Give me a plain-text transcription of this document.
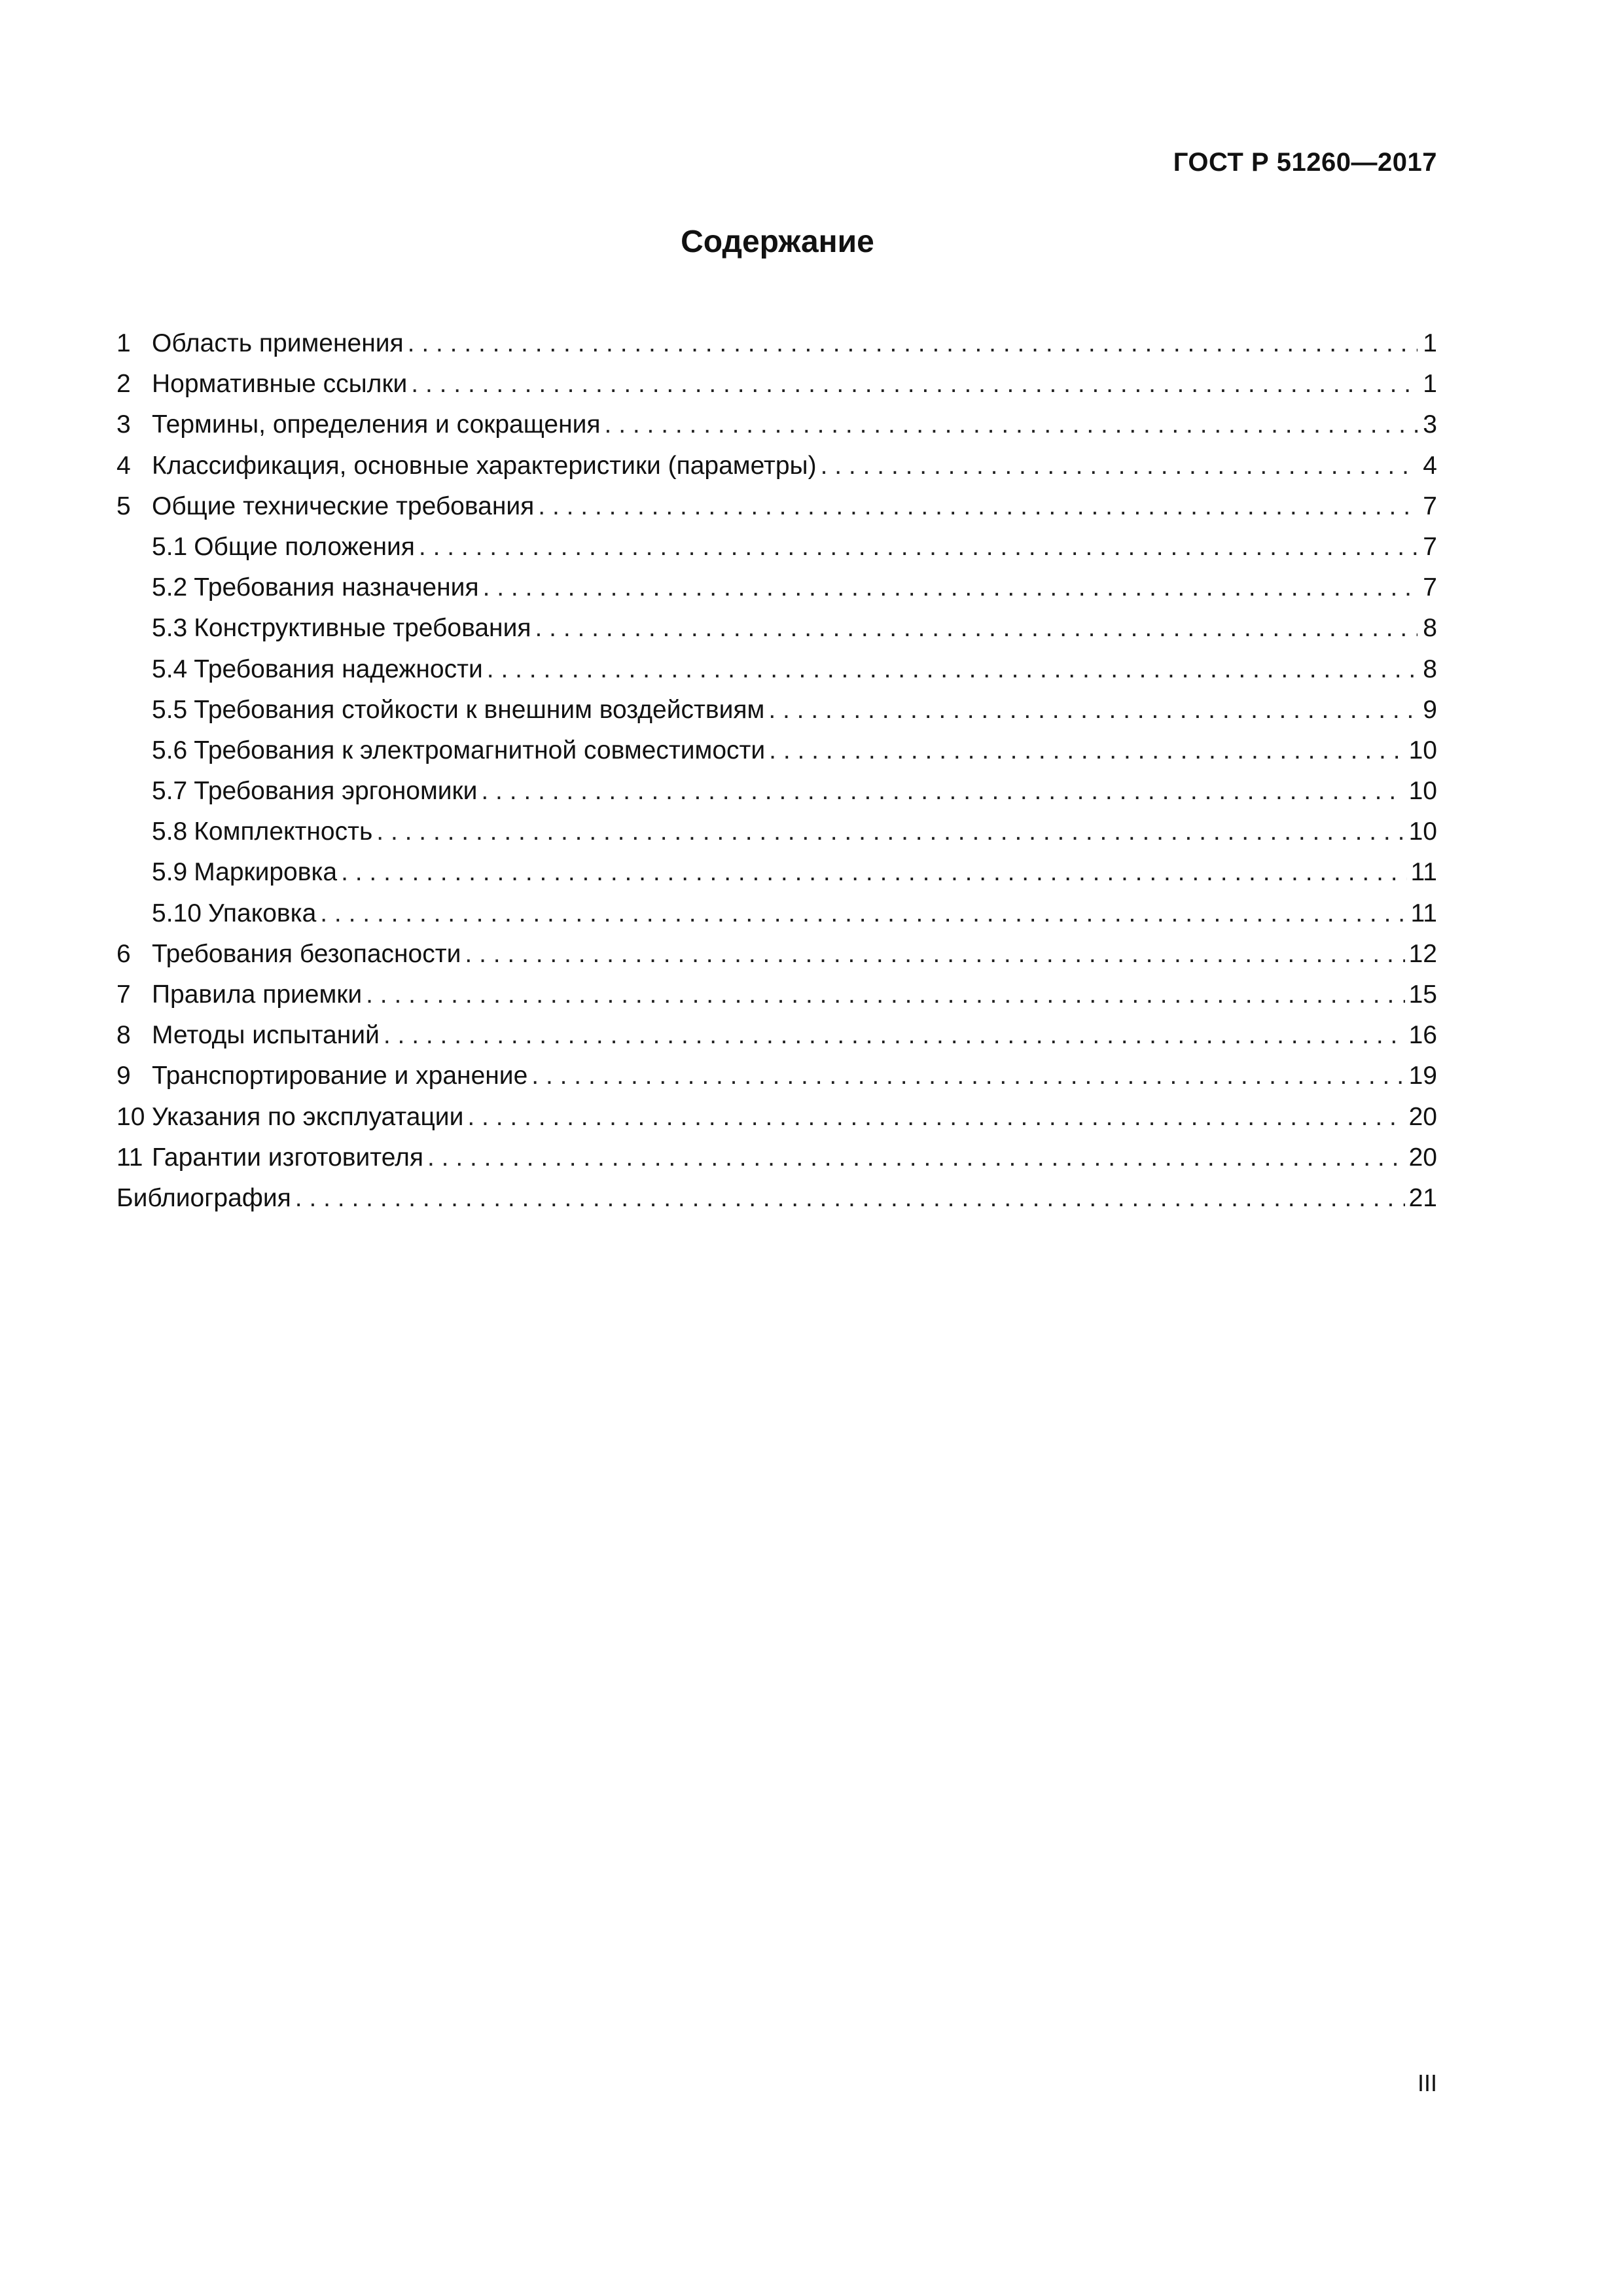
ГОСТ Р 51260—2017
Содержание
1 Область применения . . .	1
2 Нормативные ссылки . . .	1
3 Термины, определения и сокращения . . .	3
4 Классификация, основные характеристики (параметры) . . .	4
5 Общие технические требования . . .	7
5.1 Общие положения . . .	7
5.2 Требования назначения . . .	7
5.3 Конструктивные требования . . .	8
5.4 Требования надежности . . .	8
5.5 Требования стойкости к внешним воздействиям . . .	9
5.6 Требования к электромагнитной совместимости . . .	10
5.7 Требования эргономики . . .	10
5.8 Комплектность . . .	10
5.9 Маркировка . . .	11
5.10 Упаковка . . .	11
6 Требования безопасности . . .	12
7 Правила приемки . . .	15
8 Методы испытаний . . .	16
9 Транспортирование и хранение . . .	19
10 Указания по эксплуатации . . .	20
11 Гарантии изготовителя . . .	20
Библиография . . .	21
III
